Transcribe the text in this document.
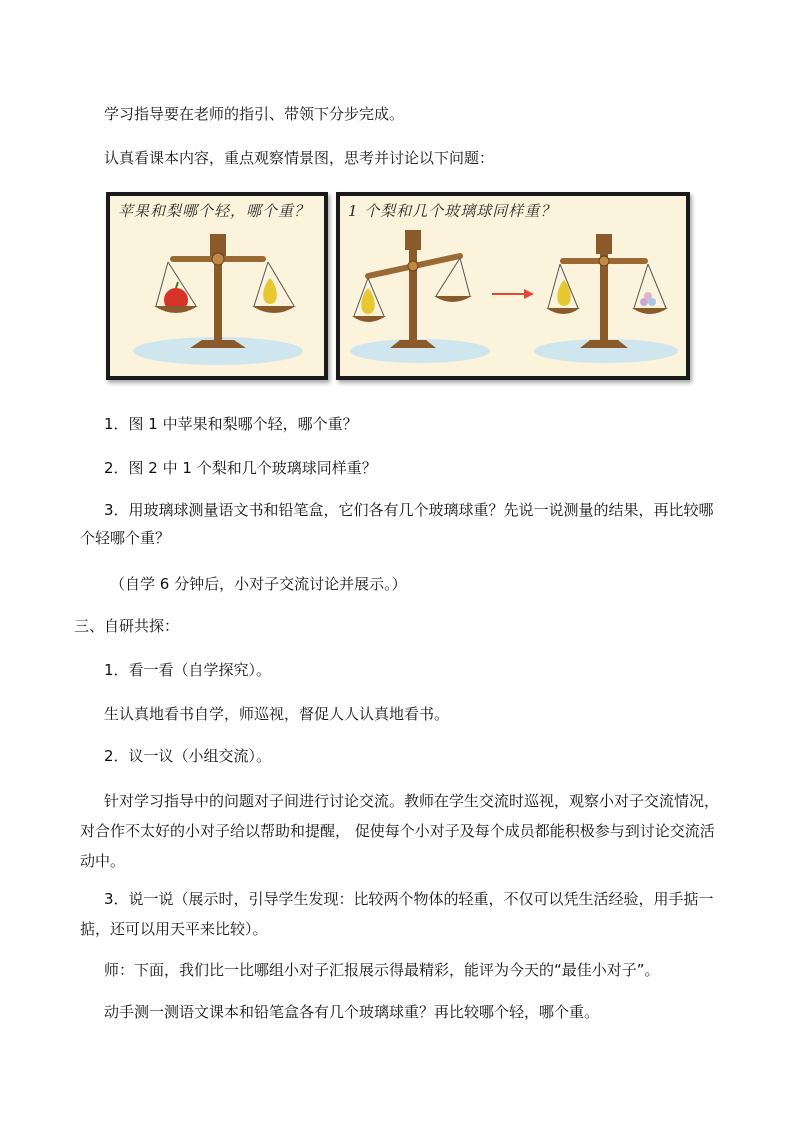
学习指导要在老师的指引、带领下分步完成。

认真看课本内容，重点观察情景图，思考并讨论以下问题：

苹果和梨哪个轻，哪个重？	1 个梨和几个玻璃球同样重？

1．图 1 中苹果和梨哪个轻，哪个重？

2．图 2 中 1 个梨和几个玻璃球同样重？

3．用玻璃球测量语文书和铅笔盒，它们各有几个玻璃球重？先说一说测量的结果，再比较哪个轻哪个重？

（自学 6 分钟后，小对子交流讨论并展示。）

三、自研共探：

1．看一看（自学探究）。

生认真地看书自学，师巡视，督促人人认真地看书。

2．议一议（小组交流）。

针对学习指导中的问题对子间进行讨论交流。教师在学生交流时巡视，观察小对子交流情况，对合作不太好的小对子给以帮助和提醒， 促使每个小对子及每个成员都能积极参与到讨论交流活动中。

3．说一说（展示时，引导学生发现：比较两个物体的轻重，不仅可以凭生活经验，用手掂一掂，还可以用天平来比较）。

师：下面，我们比一比哪组小对子汇报展示得最精彩，能评为今天的“最佳小对子”。

动手测一测语文课本和铅笔盒各有几个玻璃球重？再比较哪个轻，哪个重。
